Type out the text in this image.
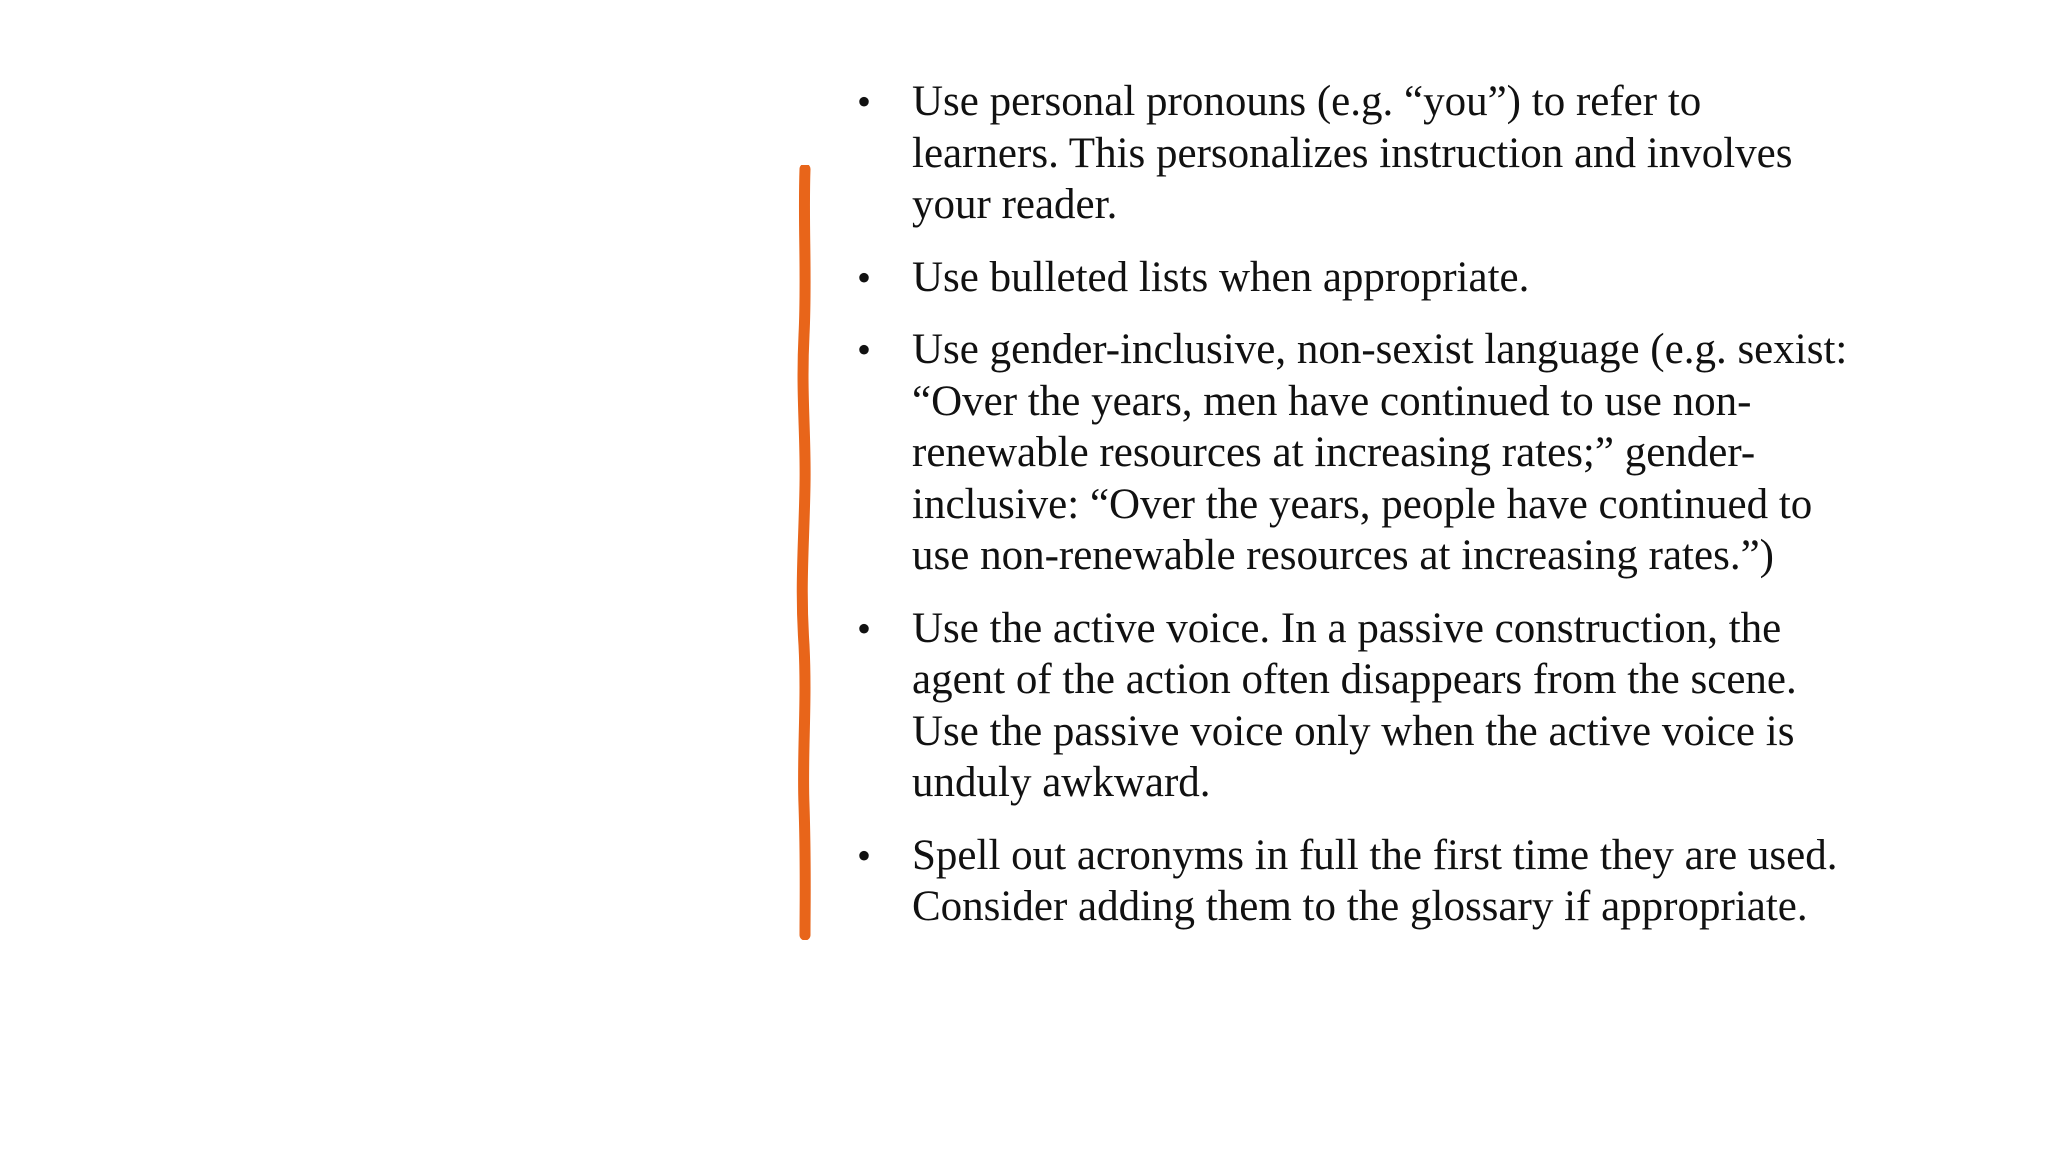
• Use personal pronouns (e.g. “you”) to refer to
learners. This personalizes instruction and involves
your reader.
• Use bulleted lists when appropriate.
• Use gender-inclusive, non-sexist language (e.g. sexist:
“Over the years, men have continued to use non-
renewable resources at increasing rates;” gender-
inclusive: “Over the years, people have continued to
use non-renewable resources at increasing rates.”)
• Use the active voice. In a passive construction, the
agent of the action often disappears from the scene.
Use the passive voice only when the active voice is
unduly awkward.
• Spell out acronyms in full the first time they are used.
Consider adding them to the glossary if appropriate.
